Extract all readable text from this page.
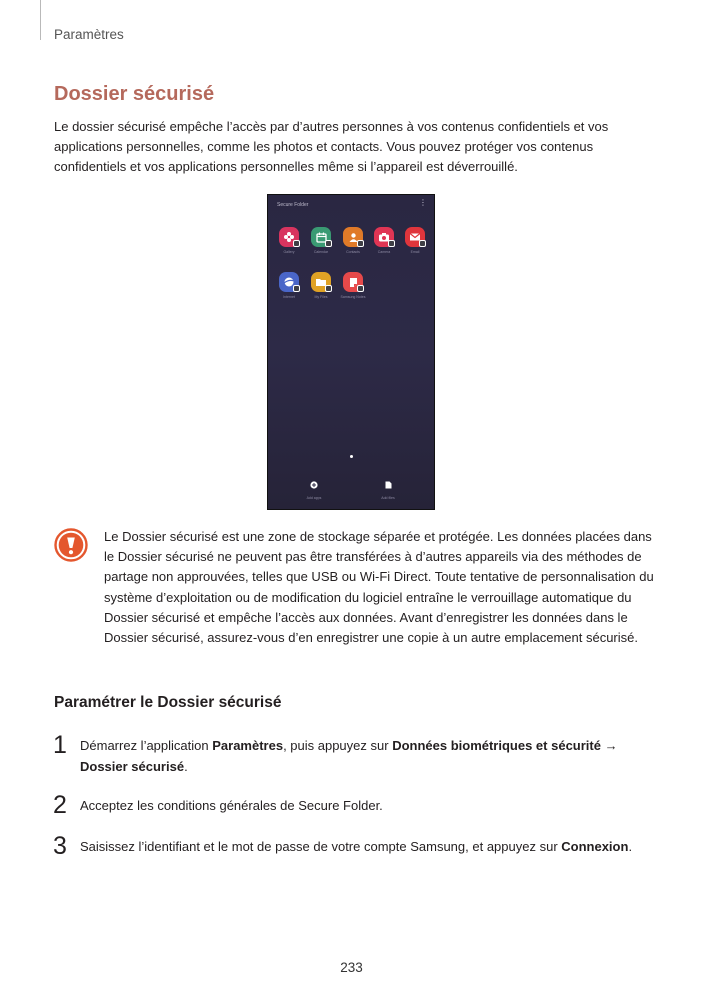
Paramètres
Dossier sécurisé

Le dossier sécurisé empêche l’accès par d’autres personnes à vos contenus confidentiels et vos applications personnelles, comme les photos et contacts. Vous pouvez protéger vos contenus confidentiels et vos applications personnelles même si l’appareil est déverrouillé.

Secure Folder	⋮
Gallery	Calendar	Contacts	Camera	Email
Internet	My Files	Samsung Notes
Add apps	Add files

Le Dossier sécurisé est une zone de stockage séparée et protégée. Les données placées dans le Dossier sécurisé ne peuvent pas être transférées à d’autres appareils via des méthodes de partage non approuvées, telles que USB ou Wi-Fi Direct. Toute tentative de personnalisation du système d’exploitation ou de modification du logiciel entraîne le verrouillage automatique du Dossier sécurisé et empêche l’accès aux données. Avant d’enregistrer les données dans le Dossier sécurisé, assurez-vous d’en enregistrer une copie à un autre emplacement sécurisé.

Paramétrer le Dossier sécurisé
1 Démarrez l’application Paramètres, puis appuyez sur Données biométriques et sécurité → Dossier sécurisé.

2 Acceptez les conditions générales de Secure Folder.

3 Saisissez l’identifiant et le mot de passe de votre compte Samsung, et appuyez sur Connexion.

233
